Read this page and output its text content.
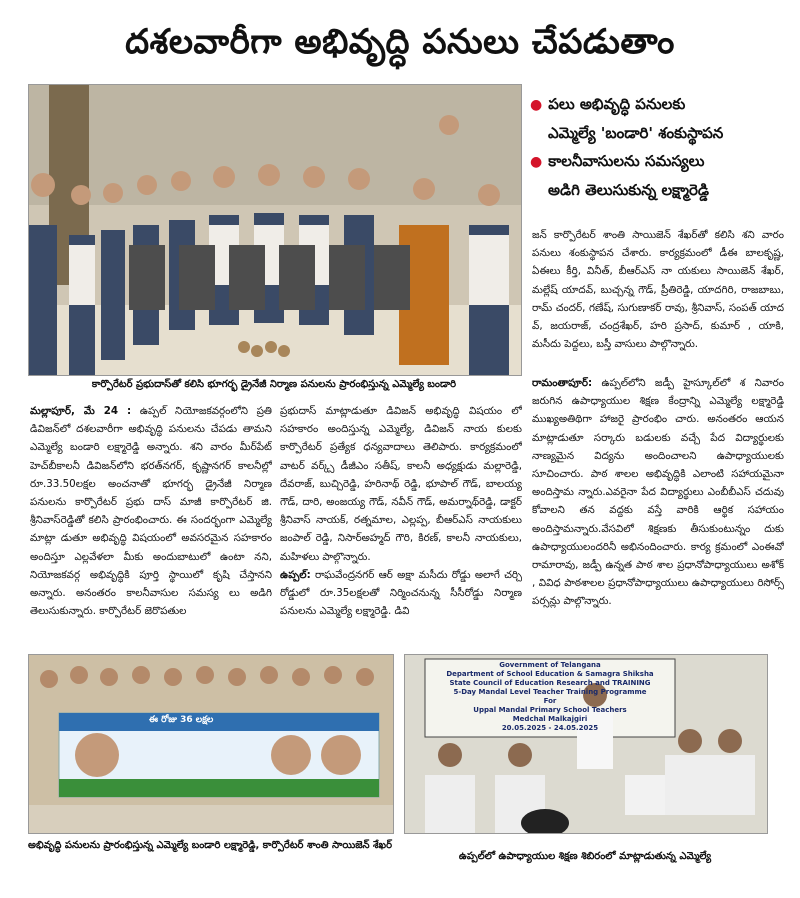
దశలవారీగా అభివృద్ధి పనులు చేపడుతాం
కార్పొరేటర్ ప్రభుదాస్‌తో కలిసి భూగర్భ డ్రైనేజీ నిర్మాణ పనులను ప్రారంభిస్తున్న ఎమ్మెల్యే బండారి
● పలు అభివృద్ధి పనులకు
ఎమ్మెల్యే 'బండారి' శంకుస్థాపన
● కాలనీవాసులను సమస్యలు
అడిగి తెలుసుకున్న లక్ష్మారెడ్డి

జన్ కార్పొరేటర్ శాంతి సాయిజెన్ శేఖర్‌తో కలిసి శని వారం పనులు శంకుస్థాపన చేశారు. కార్యక్రమంలో డీఈ బాలకృష్ణ, ఏఈలు కీర్తి, వినీత్, బీఆర్ఎస్ నా యకులు సాయిజెన్ శేఖర్, మల్లేష్ యాదవ్, బుచ్చన్న గౌడ్, ప్రీతిరెడ్డి, యాదగిరి, రాజబాబు, రామ్ చందర్, గణేష్, సుగుణాకర్ రావు, శ్రీనివాస్, సంపత్ యాద వ్, జయరాజ్, చంద్రశేఖర్, హరి ప్రసాద్, కుమార్ , యాకి, మసీదు పెద్దలు, బస్తీ వాసులు పాల్గొన్నారు.

మల్లాపూర్, మే 24 : ఉప్పల్ నియోజకవర్గంలోని ప్రతి డివిజన్‌లో దశలవారీగా అభివృద్ధి పనులను చేపడు తామని ఎమ్మెల్యే బండారి లక్ష్మారెడ్డి అన్నారు. శని వారం మీర్‌పేట్ హెచ్‌బీకాలనీ డివిజన్‌లోని భరత్‌నగర్, కృష్ణానగర్ కాలనీల్లో రూ.33.50లక్షల అంచనాతో భూగర్భ డ్రైనేజీ నిర్మాణ పనులను కార్పొరేటర్ ప్రభు దాస్ మాజీ కార్పొరేటర్ జి. శ్రీనివాస్‌రెడ్డితో కలిసి ప్రారంభించారు. ఈ సందర్భంగా ఎమ్మెల్యే మాట్లా డుతూ అభివృద్ధి విషయంలో అవసరమైన సహకారం అందిస్తూ ఎల్లవేళలా మీకు అందుబాటులో ఉంటా నని, నియోజకవర్గ అభివృద్ధికి పూర్తి స్థాయిలో కృషి చేస్తానని అన్నారు. అనంతరం కాలనీవాసుల సమస్య లు అడిగి తెలుసుకున్నారు. కార్పొరేటర్ జెరొపతుల

ప్రభుదాస్ మాట్లాడుతూ డివిజన్ అభివృద్ధి విషయం లో సహకారం అందిస్తున్న ఎమ్మెల్యే, డివిజన్ నాయ కులకు కార్పొరేటర్ ప్రత్యేక ధన్యవాదాలు తెలిపారు. కార్యక్రమంలో వాటర్ వర్క్స్ డీజీఎం సతీష్, కాలనీ అధ్యక్షుడు మల్లారెడ్డి, దేవరాజ్, బుచ్చిరెడ్డి, హరినాథ్ రెడ్డి, భూపాల్ గౌడ్, బాలయ్య గౌడ్, దారి, అంజయ్య గౌడ్, నవీన్ గౌడ్, అమర్నాథ్‌రెడ్డి, డాక్టర్ శ్రీనివాస్ నాయక్, రత్నమాల, ఎల్లప్ప, బీఆర్ఎస్ నాయకులు జంపాల్ రెడ్డి, నిసార్‌అహ్మద్ గౌరి, కిరణ్, కాలనీ నాయకులు, మహిళలు పాల్గొన్నారు.

ఉప్పల్: రాఘవేంద్రనగర్ ఆర్ అక్షా మసీదు రోడ్డు అలాగే చర్చి రోడ్డులో రూ.35లక్షలతో నిర్మించనున్న సీసీరోడ్డు నిర్మాణ పనులను ఎమ్మెల్యే లక్ష్మారెడ్డి. డివి

రామంతాపూర్: ఉప్పల్‌లోని జడ్పీ హైస్కూల్‌లో శ నివారం జరుగిన ఉపాధ్యాయుల శిక్షణ కేంద్రాన్ని ఎమ్మెల్యే లక్ష్మారెడ్డి ముఖ్యఅతిథిగా హాజరై ప్రారంభిం చారు. అనంతరం ఆయన మాట్లాడుతూ సర్కారు బడులకు వచ్చే పేద విద్యార్థులకు నాణ్యమైన విద్యను అందించాలని ఉపాధ్యాయులకు సూచించారు. పాఠ శాలల అభివృద్ధికి ఎలాంటి సహాయమైనా అందిస్తామ న్నారు.ఎవరైనా పేద విద్యార్థులు ఎంబీబీఎస్ చదువు కోవాలని తన వద్దకు వస్తే వారికి ఆర్థిక సహాయం అందిస్తామన్నారు.వేసవిలో శిక్షణకు తీసుకుంటున్నం దుకు ఉపాధ్యాయులందరినీ అభినందించారు. కార్య క్రమంలో ఎంఈవో రామారావు, జడ్పీ ఉన్నత పాఠ శాల ప్రధానోపాధ్యాయులు అశోక్ , వివిధ పాఠశాలల ప్రధానోపాధ్యాయులు ఉపాధ్యాయులు రిసోర్స్ పర్సన్లు పాల్గొన్నారు.

ఈ రోజు 36 లక్షల
అభివృద్ధి పనులను ప్రారంభిస్తున్న ఎమ్మెల్యే బండారి లక్ష్మారెడ్డి, కార్పొరేటర్ శాంతి సాయిజెన్ శేఖర్
Government of Telangana
Department of School Education & Samagra Shiksha
State Council of Education Research and TRAINING
5-Day Mandal Level Teacher Training Programme
For
Uppal Mandal Primary School Teachers
Medchal Malkajgiri
20.05.2025 - 24.05.2025
ఉప్పల్‌లో ఉపాధ్యాయుల శిక్షణ శిబిరంలో మాట్లాడుతున్న ఎమ్మెల్యే
